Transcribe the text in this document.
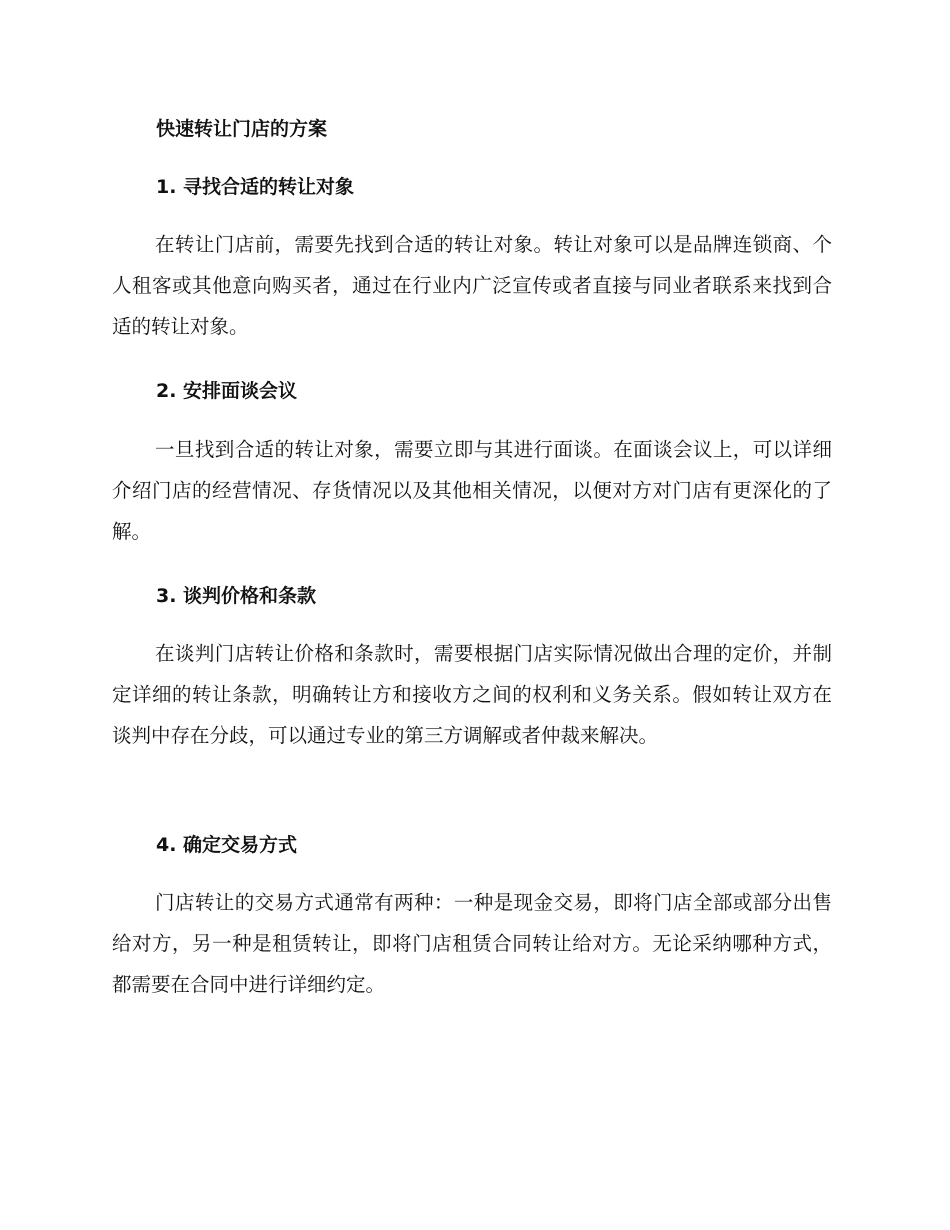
快速转让门店的方案
1. 寻找合适的转让对象

在转让门店前，需要先找到合适的转让对象。转让对象可以是品牌连锁商、个人租客或其他意向购买者，通过在行业内广泛宣传或者直接与同业者联系来找到合适的转让对象。

2. 安排面谈会议

一旦找到合适的转让对象，需要立即与其进行面谈。在面谈会议上，可以详细介绍门店的经营情况、存货情况以及其他相关情况，以便对方对门店有更深化的了解。

3. 谈判价格和条款

在谈判门店转让价格和条款时，需要根据门店实际情况做出合理的定价，并制定详细的转让条款，明确转让方和接收方之间的权利和义务关系。假如转让双方在谈判中存在分歧，可以通过专业的第三方调解或者仲裁来解决。

4. 确定交易方式

门店转让的交易方式通常有两种：一种是现金交易，即将门店全部或部分出售给对方，另一种是租赁转让，即将门店租赁合同转让给对方。无论采纳哪种方式，都需要在合同中进行详细约定。
